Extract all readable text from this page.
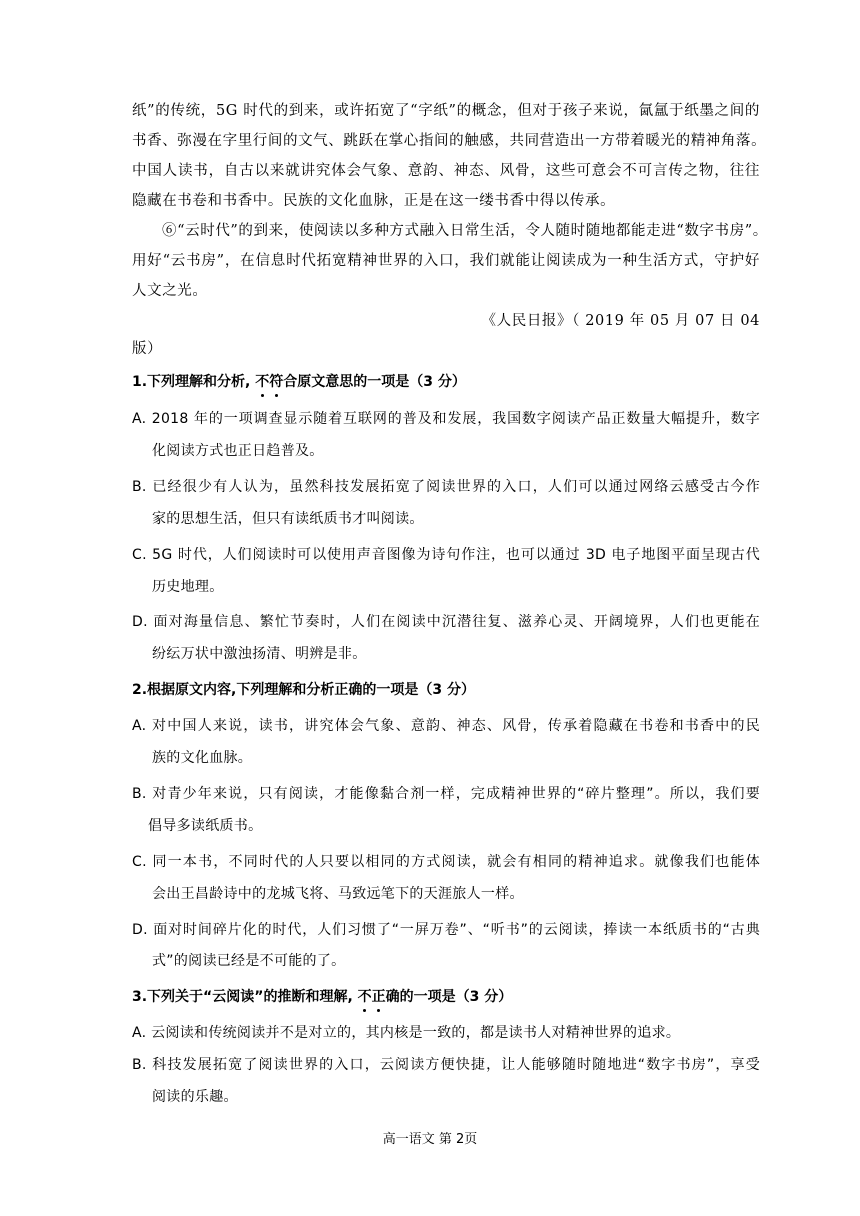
纸”的传统，5G 时代的到来，或许拓宽了“字纸”的概念，但对于孩子来说，氤氲于纸墨之间的
书香、弥漫在字里行间的文气、跳跃在掌心指间的触感，共同营造出一方带着暖光的精神角落。
中国人读书，自古以来就讲究体会气象、意韵、神态、风骨，这些可意会不可言传之物，往往
隐藏在书卷和书香中。民族的文化血脉，正是在这一缕书香中得以传承。
⑥“云时代”的到来，使阅读以多种方式融入日常生活，令人随时随地都能走进“数字书房”。
用好“云书房”，在信息时代拓宽精神世界的入口，我们就能让阅读成为一种生活方式，守护好
人文之光。
《人民日报》（ 2019 年 05 月 07 日 04
版）
1.下列理解和分析, 不符合原文意思的一项是（3 分）
A. 2018 年的一项调查显示随着互联网的普及和发展，我国数字阅读产品正数量大幅提升，数字
化阅读方式也正日趋普及。
B. 已经很少有人认为，虽然科技发展拓宽了阅读世界的入口，人们可以通过网络云感受古今作
家的思想生活，但只有读纸质书才叫阅读。
C. 5G 时代，人们阅读时可以使用声音图像为诗句作注，也可以通过 3D 电子地图平面呈现古代
历史地理。
D. 面对海量信息、繁忙节奏时，人们在阅读中沉潜往复、滋养心灵、开阔境界，人们也更能在
纷纭万状中激浊扬清、明辨是非。
2.根据原文内容,下列理解和分析正确的一项是（3 分）
A. 对中国人来说，读书，讲究体会气象、意韵、神态、风骨，传承着隐藏在书卷和书香中的民
族的文化血脉。
B. 对青少年来说，只有阅读，才能像黏合剂一样，完成精神世界的“碎片整理”。所以，我们要
倡导多读纸质书。
C. 同一本书，不同时代的人只要以相同的方式阅读，就会有相同的精神追求。就像我们也能体
会出王昌龄诗中的龙城飞将、马致远笔下的天涯旅人一样。
D. 面对时间碎片化的时代，人们习惯了“一屏万卷”、“听书”的云阅读，捧读一本纸质书的“古典
式”的阅读已经是不可能的了。
3.下列关于“云阅读”的推断和理解, 不正确的一项是（3 分）
A. 云阅读和传统阅读并不是对立的，其内核是一致的，都是读书人对精神世界的追求。
B. 科技发展拓宽了阅读世界的入口，云阅读方便快捷，让人能够随时随地进“数字书房”，享受
阅读的乐趣。
高一语文 第 2页
